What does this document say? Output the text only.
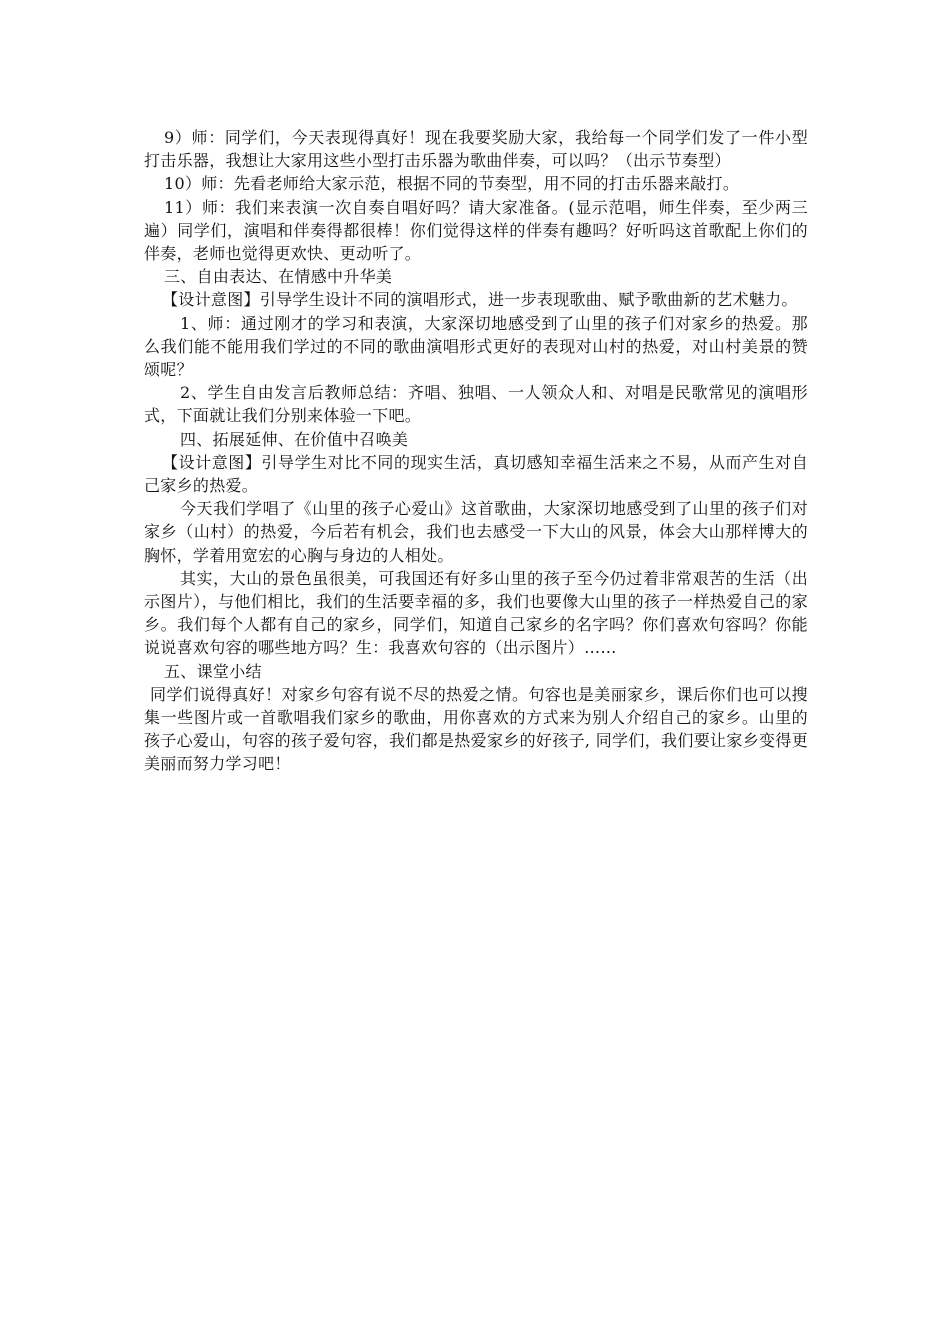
9）师：同学们，今天表现得真好！现在我要奖励大家，我给每一个同学们发了一件小型打击乐器，我想让大家用这些小型打击乐器为歌曲伴奏，可以吗？（出示节奏型）

10）师：先看老师给大家示范，根据不同的节奏型，用不同的打击乐器来敲打。

11）师：我们来表演一次自奏自唱好吗？请大家准备。(显示范唱，师生伴奏，至少两三遍）同学们，演唱和伴奏得都很棒！你们觉得这样的伴奏有趣吗？好听吗这首歌配上你们的伴奏，老师也觉得更欢快、更动听了。

三、自由表达、在情感中升华美

【设计意图】引导学生设计不同的演唱形式，进一步表现歌曲、赋予歌曲新的艺术魅力。

1、师：通过刚才的学习和表演，大家深切地感受到了山里的孩子们对家乡的热爱。那么我们能不能用我们学过的不同的歌曲演唱形式更好的表现对山村的热爱，对山村美景的赞颂呢？

2、学生自由发言后教师总结：齐唱、独唱、一人领众人和、对唱是民歌常见的演唱形式，下面就让我们分别来体验一下吧。

四、拓展延伸、在价值中召唤美

【设计意图】引导学生对比不同的现实生活，真切感知幸福生活来之不易，从而产生对自己家乡的热爱。

今天我们学唱了《山里的孩子心爱山》这首歌曲，大家深切地感受到了山里的孩子们对家乡（山村）的热爱，今后若有机会，我们也去感受一下大山的风景，体会大山那样博大的胸怀，学着用宽宏的心胸与身边的人相处。

其实，大山的景色虽很美，可我国还有好多山里的孩子至今仍过着非常艰苦的生活（出示图片），与他们相比，我们的生活要幸福的多，我们也要像大山里的孩子一样热爱自己的家乡。我们每个人都有自己的家乡，同学们，知道自己家乡的名字吗？你们喜欢句容吗？你能说说喜欢句容的哪些地方吗？生：我喜欢句容的（出示图片）……

五、课堂小结

同学们说得真好！对家乡句容有说不尽的热爱之情。句容也是美丽家乡，课后你们也可以搜集一些图片或一首歌唱我们家乡的歌曲，用你喜欢的方式来为别人介绍自己的家乡。山里的孩子心爱山，句容的孩子爱句容，我们都是热爱家乡的好孩子, 同学们，我们要让家乡变得更美丽而努力学习吧！
